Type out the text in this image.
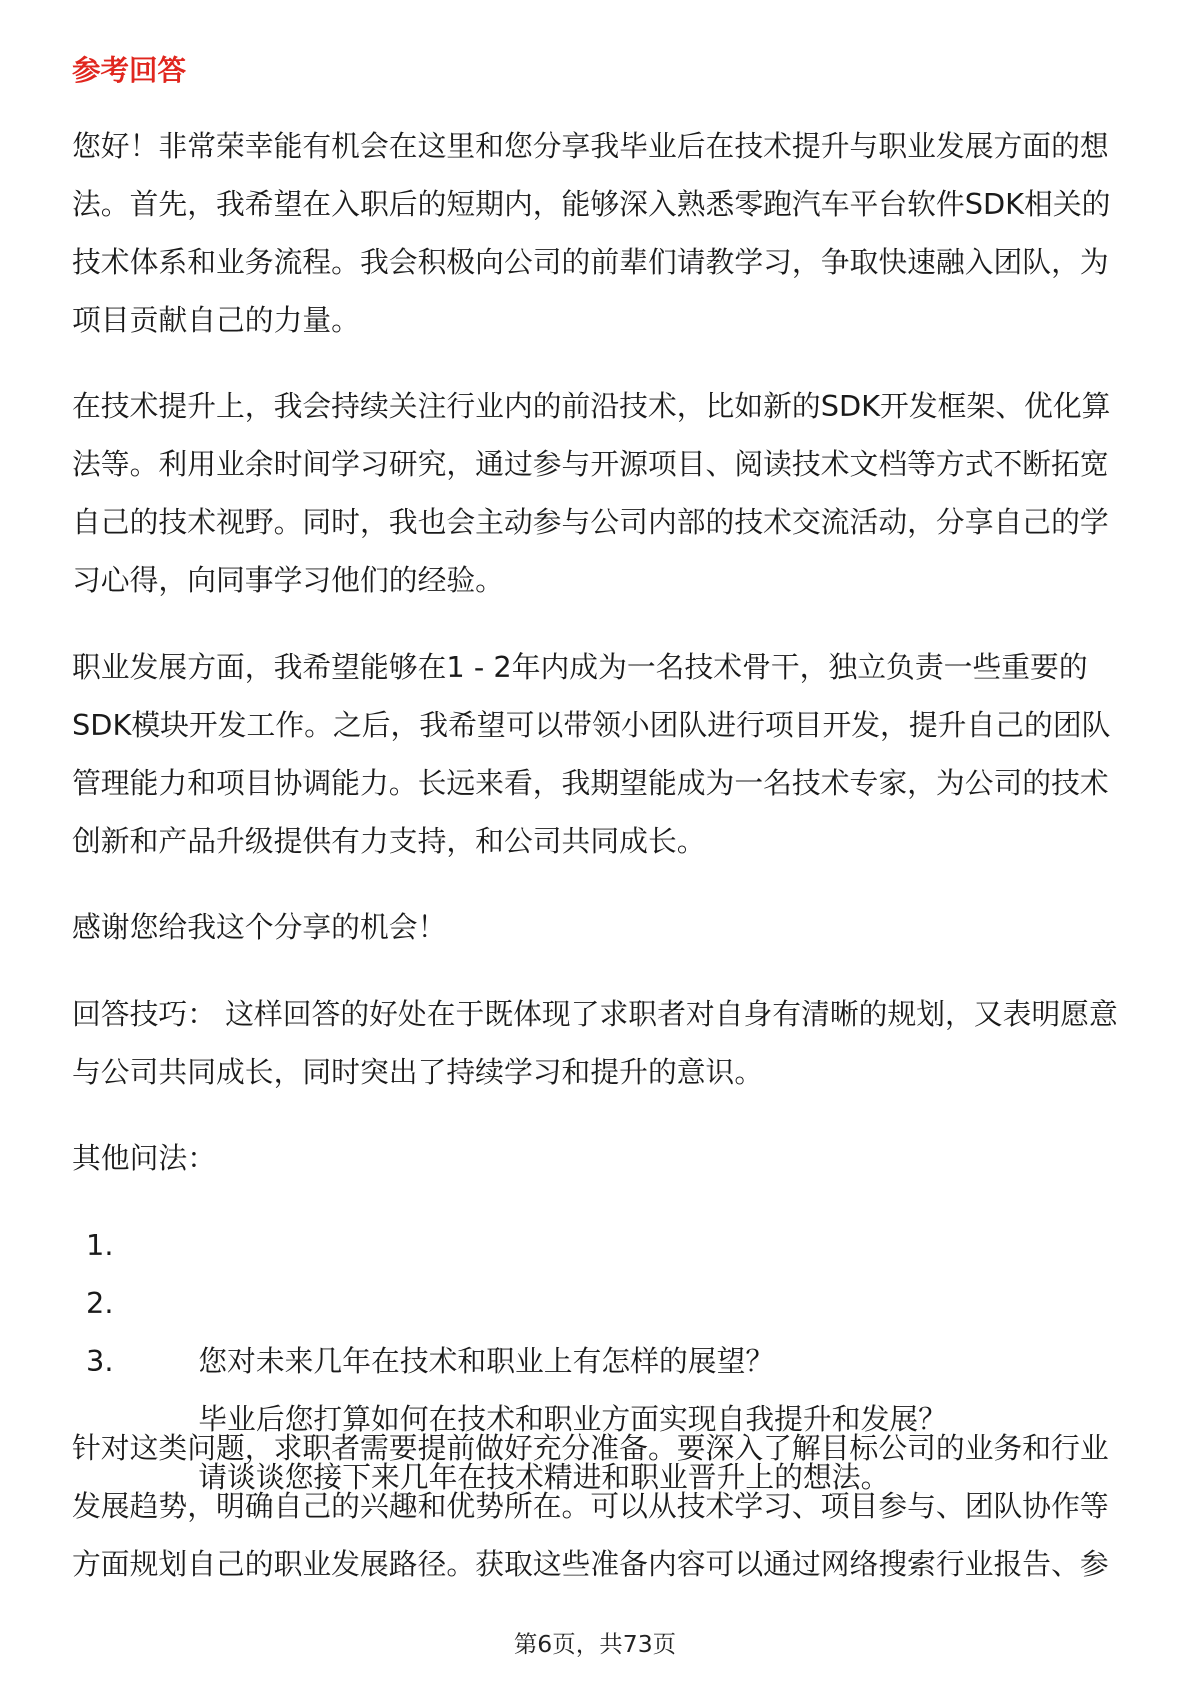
参考回答
您好！非常荣幸能有机会在这里和您分享我毕业后在技术提升与职业发展方面的想
法。首先，我希望在入职后的短期内，能够深入熟悉零跑汽车平台软件SDK相关的
技术体系和业务流程。我会积极向公司的前辈们请教学习，争取快速融入团队，为
项目贡献自己的力量。
在技术提升上，我会持续关注行业内的前沿技术，比如新的SDK开发框架、优化算
法等。利用业余时间学习研究，通过参与开源项目、阅读技术文档等方式不断拓宽
自己的技术视野。同时，我也会主动参与公司内部的技术交流活动，分享自己的学
习心得，向同事学习他们的经验。
职业发展方面，我希望能够在1 - 2年内成为一名技术骨干，独立负责一些重要的
SDK模块开发工作。之后，我希望可以带领小团队进行项目开发，提升自己的团队
管理能力和项目协调能力。长远来看，我期望能成为一名技术专家，为公司的技术
创新和产品升级提供有力支持，和公司共同成长。
感谢您给我这个分享的机会！
回答技巧： 这样回答的好处在于既体现了求职者对自身有清晰的规划，又表明愿意
与公司共同成长，同时突出了持续学习和提升的意识。
其他问法：

1.

您对未来几年在技术和职业上有怎样的展望？

2.

毕业后您打算如何在技术和职业方面实现自我提升和发展？

3.

请谈谈您接下来几年在技术精进和职业晋升上的想法。

针对这类问题，求职者需要提前做好充分准备。要深入了解目标公司的业务和行业
发展趋势，明确自己的兴趣和优势所在。可以从技术学习、项目参与、团队协作等
方面规划自己的职业发展路径。获取这些准备内容可以通过网络搜索行业报告、参
第6页，共73页
